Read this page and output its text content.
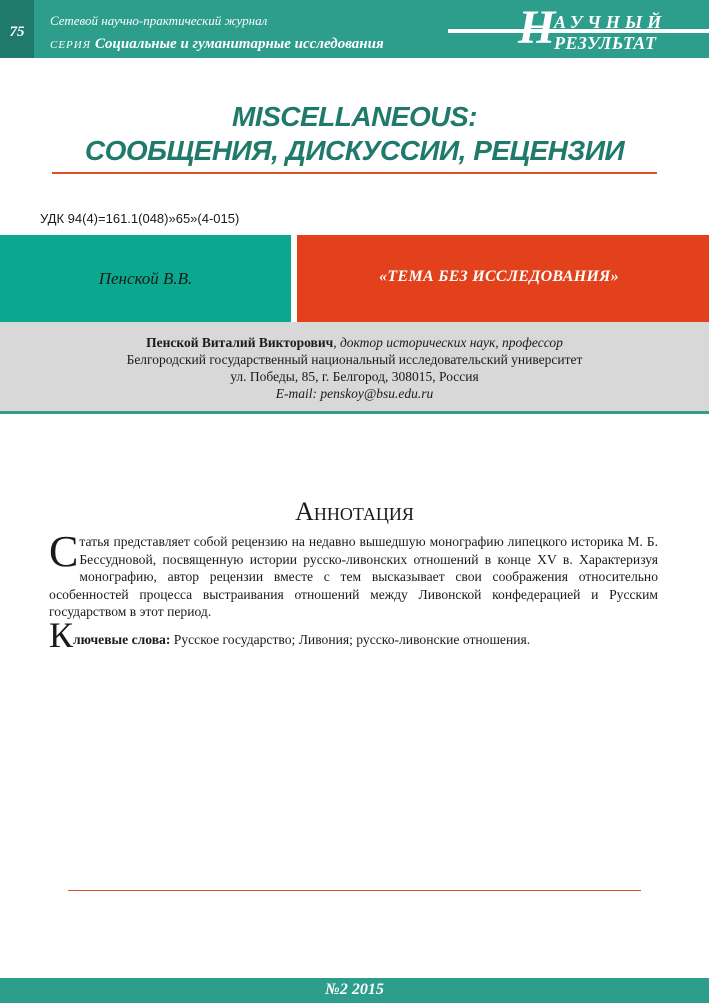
75
Сетевой научно-практический журнал
СЕРИЯ Социальные и гуманитарные исследования	Н
АУЧНЫЙ
РЕЗУЛЬТАТ
MISCELLANEOUS:
СООБЩЕНИЯ, ДИСКУССИИ, РЕЦЕНЗИИ
УДК 94(4)=161.1(048)»65»(4-015)
Пенской В.В.	«ТЕМА БЕЗ ИССЛЕДОВАНИЯ»
Пенской Виталий Викторович, доктор исторических наук, профессор
Белгородский государственный национальный исследовательский университет
ул. Победы, 85, г. Белгород, 308015, Россия
E-mail: penskoy@bsu.edu.ru
Аннотация
Статья представляет собой рецензию на недавно вышедшую монографию липецкого историка М. Б. Бессудновой, посвященную истории русско-ливонских отношений в конце XV в. Характеризуя монографию, автор рецензии вместе с тем высказывает свои соображения относительно особенностей процесса выстраивания отношений между Ливонской конфедерацией и Русским государством в этот период.
Ключевые слова: Русское государство; Ливония; русско-ливонские отношения.
№2 2015
